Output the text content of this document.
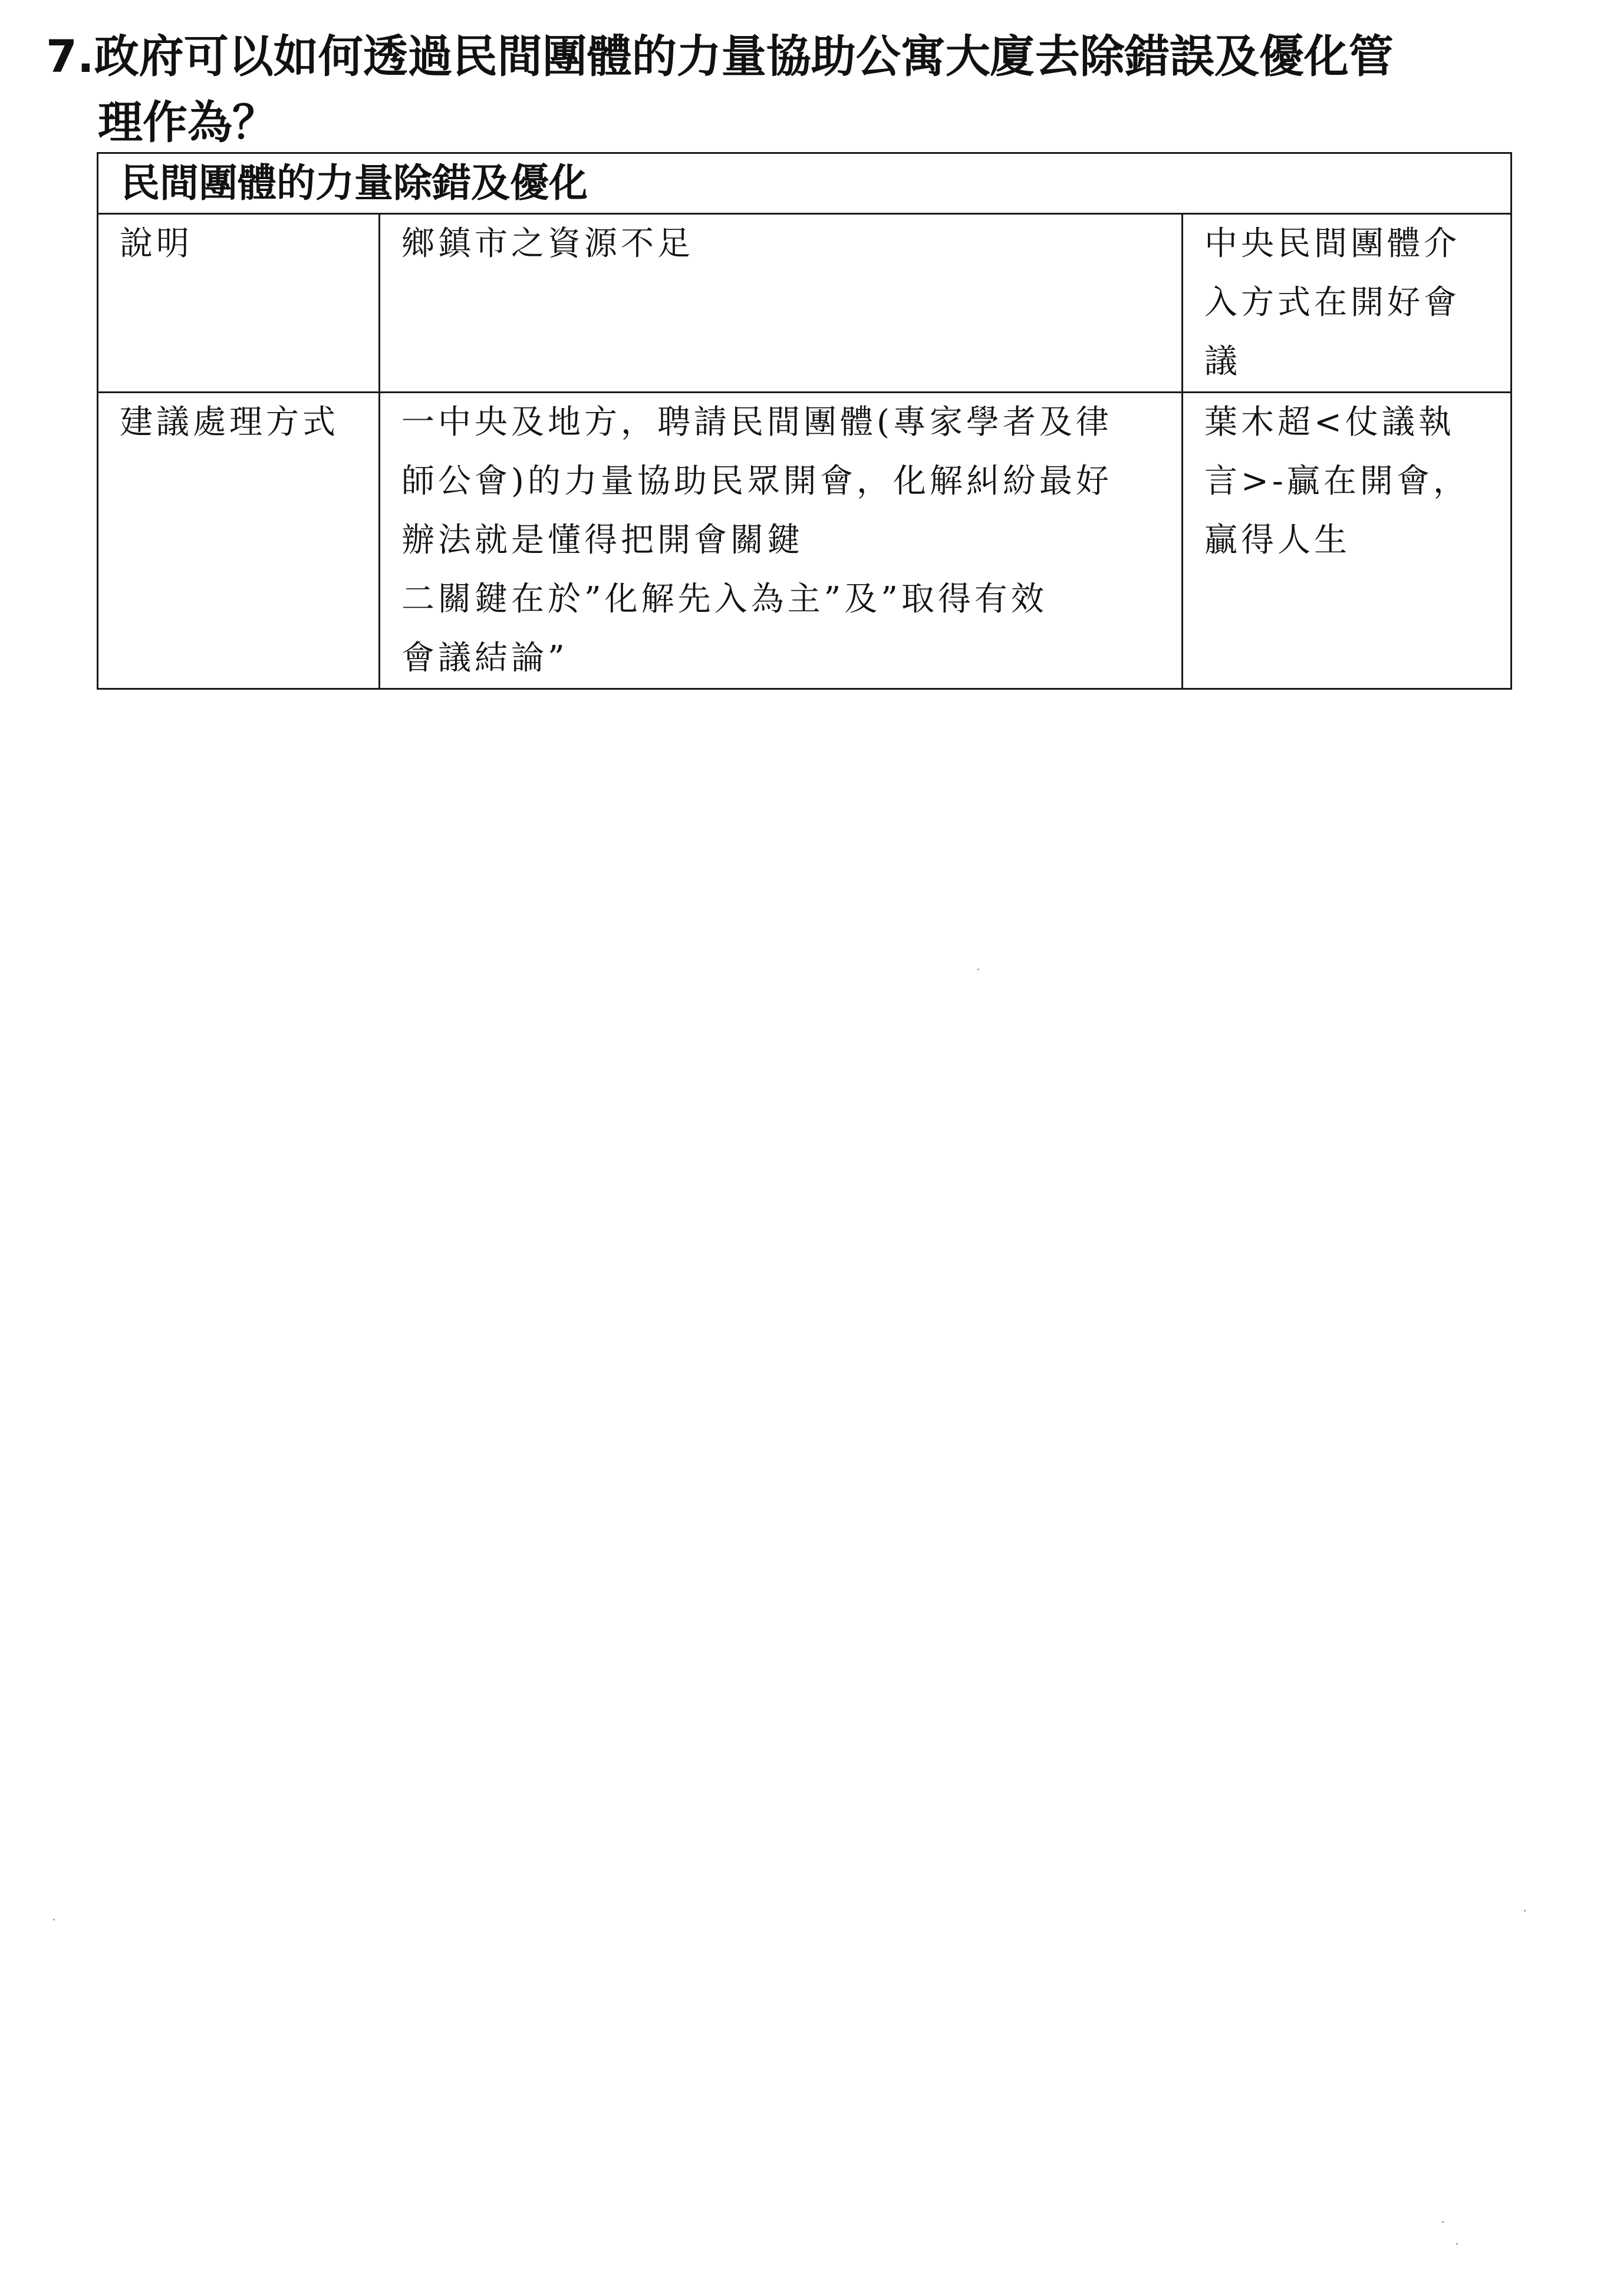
7.政府可以如何透過民間團體的力量協助公寓大廈去除錯誤及優化管
理作為？
民間團體的力量除錯及優化		

說明	鄉鎮市之資源不足	中央民間團體介
入方式在開好會
議

建議處理方式	一中央及地方，聘請民間團體(專家學者及律
師公會)的力量協助民眾開會，化解糾紛最好
辦法就是懂得把開會關鍵
二關鍵在於”化解先入為主”及”取得有效
會議結論”	葉木超<仗議執
言>-贏在開會，
贏得人生
